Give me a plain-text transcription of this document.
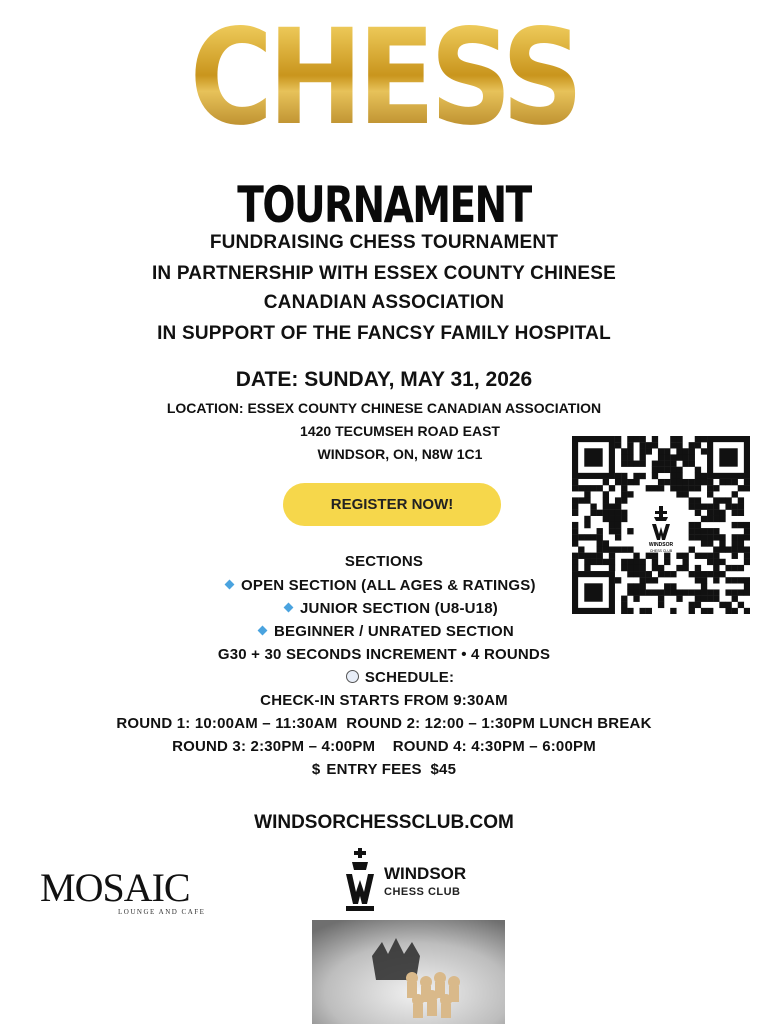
CHESS
TOURNAMENT
FUNDRAISING CHESS TOURNAMENT
IN PARTNERSHIP WITH ESSEX COUNTY CHINESE
CANADIAN ASSOCIATION
IN SUPPORT OF THE FANCSY FAMILY HOSPITAL
DATE: SUNDAY, MAY 31, 2026
LOCATION: ESSEX COUNTY CHINESE CANADIAN ASSOCIATION
1420 TECUMSEH ROAD EAST
WINDSOR, ON, N8W 1C1
REGISTER NOW!
WINDSOR
CHESS CLUB
SECTIONS
OPEN SECTION (ALL AGES & RATINGS)
JUNIOR SECTION (U8-U18)
BEGINNER / UNRATED SECTION
G30 + 30 SECONDS INCREMENT • 4 ROUNDS
SCHEDULE:
CHECK-IN STARTS FROM 9:30AM
ROUND 1: 10:00AM – 11:30AM  ROUND 2: 12:00 – 1:30PM LUNCH BREAK
ROUND 3: 2:30PM – 4:00PM    ROUND 4: 4:30PM – 6:00PM
$ ENTRY FEES  $45
WINDSORCHESSCLUB.COM
MOSAIC
LOUNGE AND CAFE
WINDSOR
CHESS CLUB
